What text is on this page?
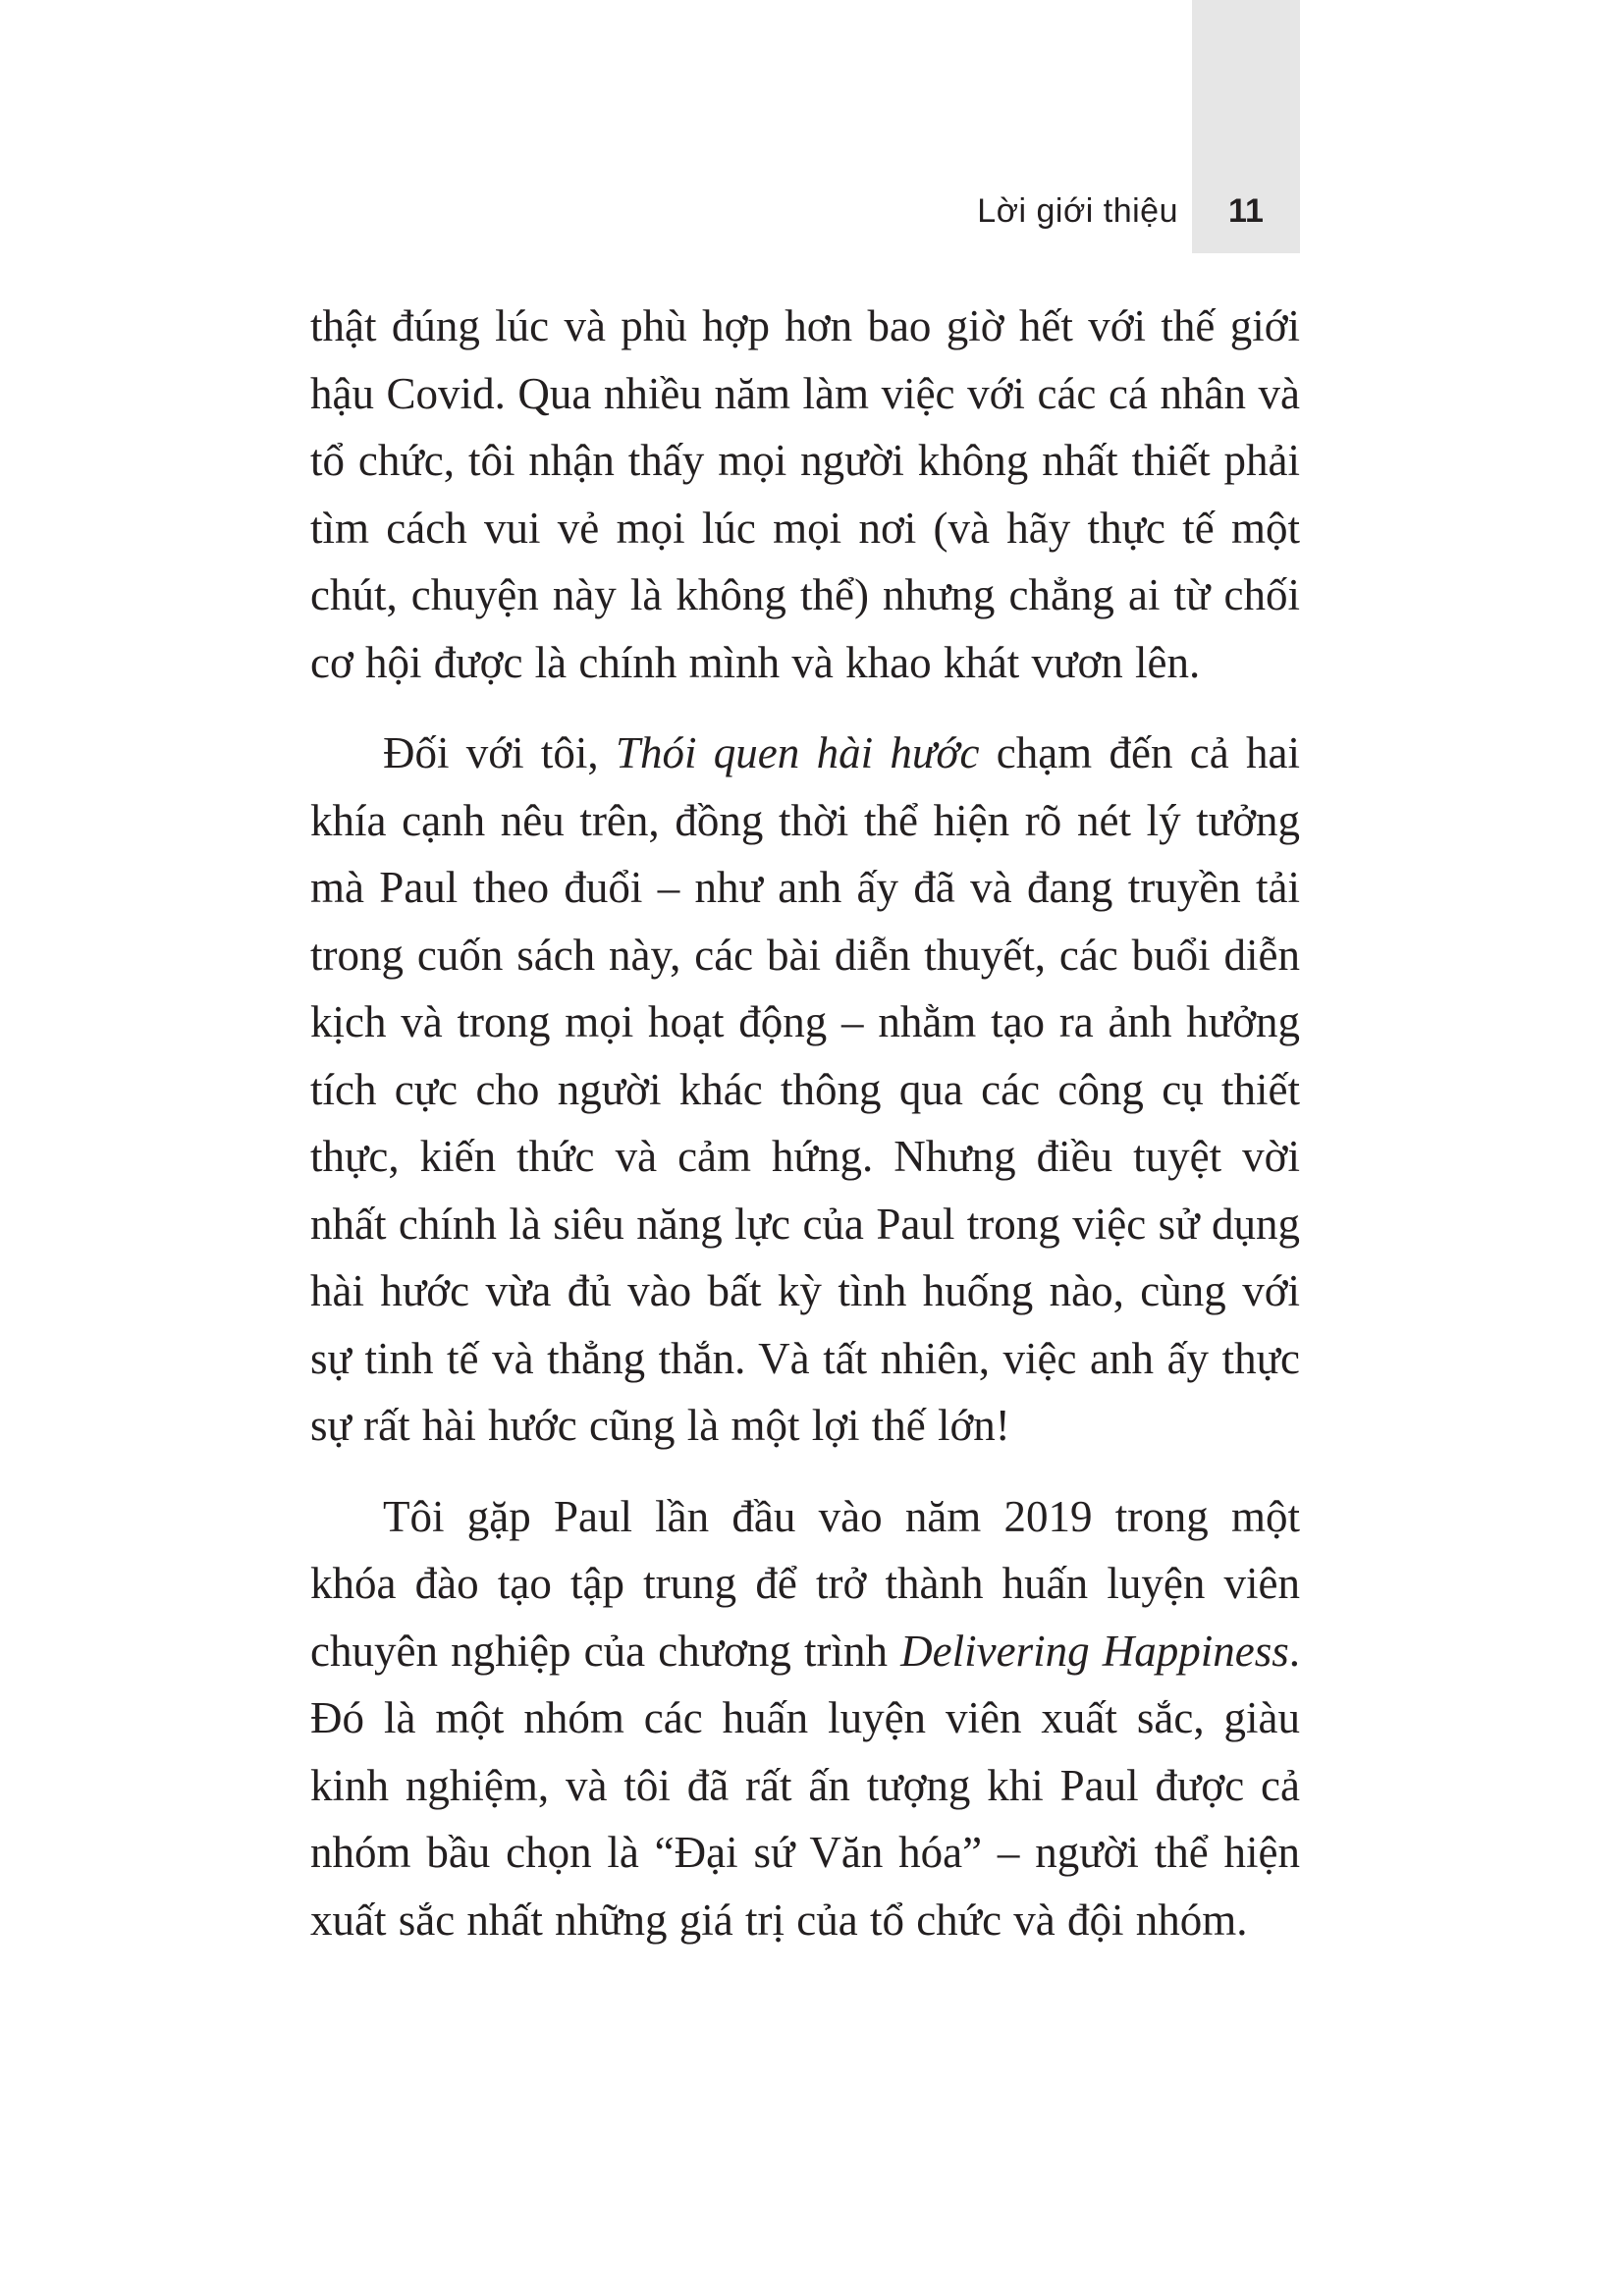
Lời giới thiệu	11

thật đúng lúc và phù hợp hơn bao giờ hết với thế giới hậu Covid. Qua nhiều năm làm việc với các cá nhân và tổ chức, tôi nhận thấy mọi người không nhất thiết phải tìm cách vui vẻ mọi lúc mọi nơi (và hãy thực tế một chút, chuyện này là không thể) nhưng chẳng ai từ chối cơ hội được là chính mình và khao khát vươn lên.

Đối với tôi, Thói quen hài hước chạm đến cả hai khía cạnh nêu trên, đồng thời thể hiện rõ nét lý tưởng mà Paul theo đuổi – như anh ấy đã và đang truyền tải trong cuốn sách này, các bài diễn thuyết, các buổi diễn kịch và trong mọi hoạt động – nhằm tạo ra ảnh hưởng tích cực cho người khác thông qua các công cụ thiết thực, kiến thức và cảm hứng. Nhưng điều tuyệt vời nhất chính là siêu năng lực của Paul trong việc sử dụng hài hước vừa đủ vào bất kỳ tình huống nào, cùng với sự tinh tế và thẳng thắn. Và tất nhiên, việc anh ấy thực sự rất hài hước cũng là một lợi thế lớn!

Tôi gặp Paul lần đầu vào năm 2019 trong một khóa đào tạo tập trung để trở thành huấn luyện viên chuyên nghiệp của chương trình Delivering Happiness. Đó là một nhóm các huấn luyện viên xuất sắc, giàu kinh nghiệm, và tôi đã rất ấn tượng khi Paul được cả nhóm bầu chọn là “Đại sứ Văn hóa” – người thể hiện xuất sắc nhất những giá trị của tổ chức và đội nhóm.
